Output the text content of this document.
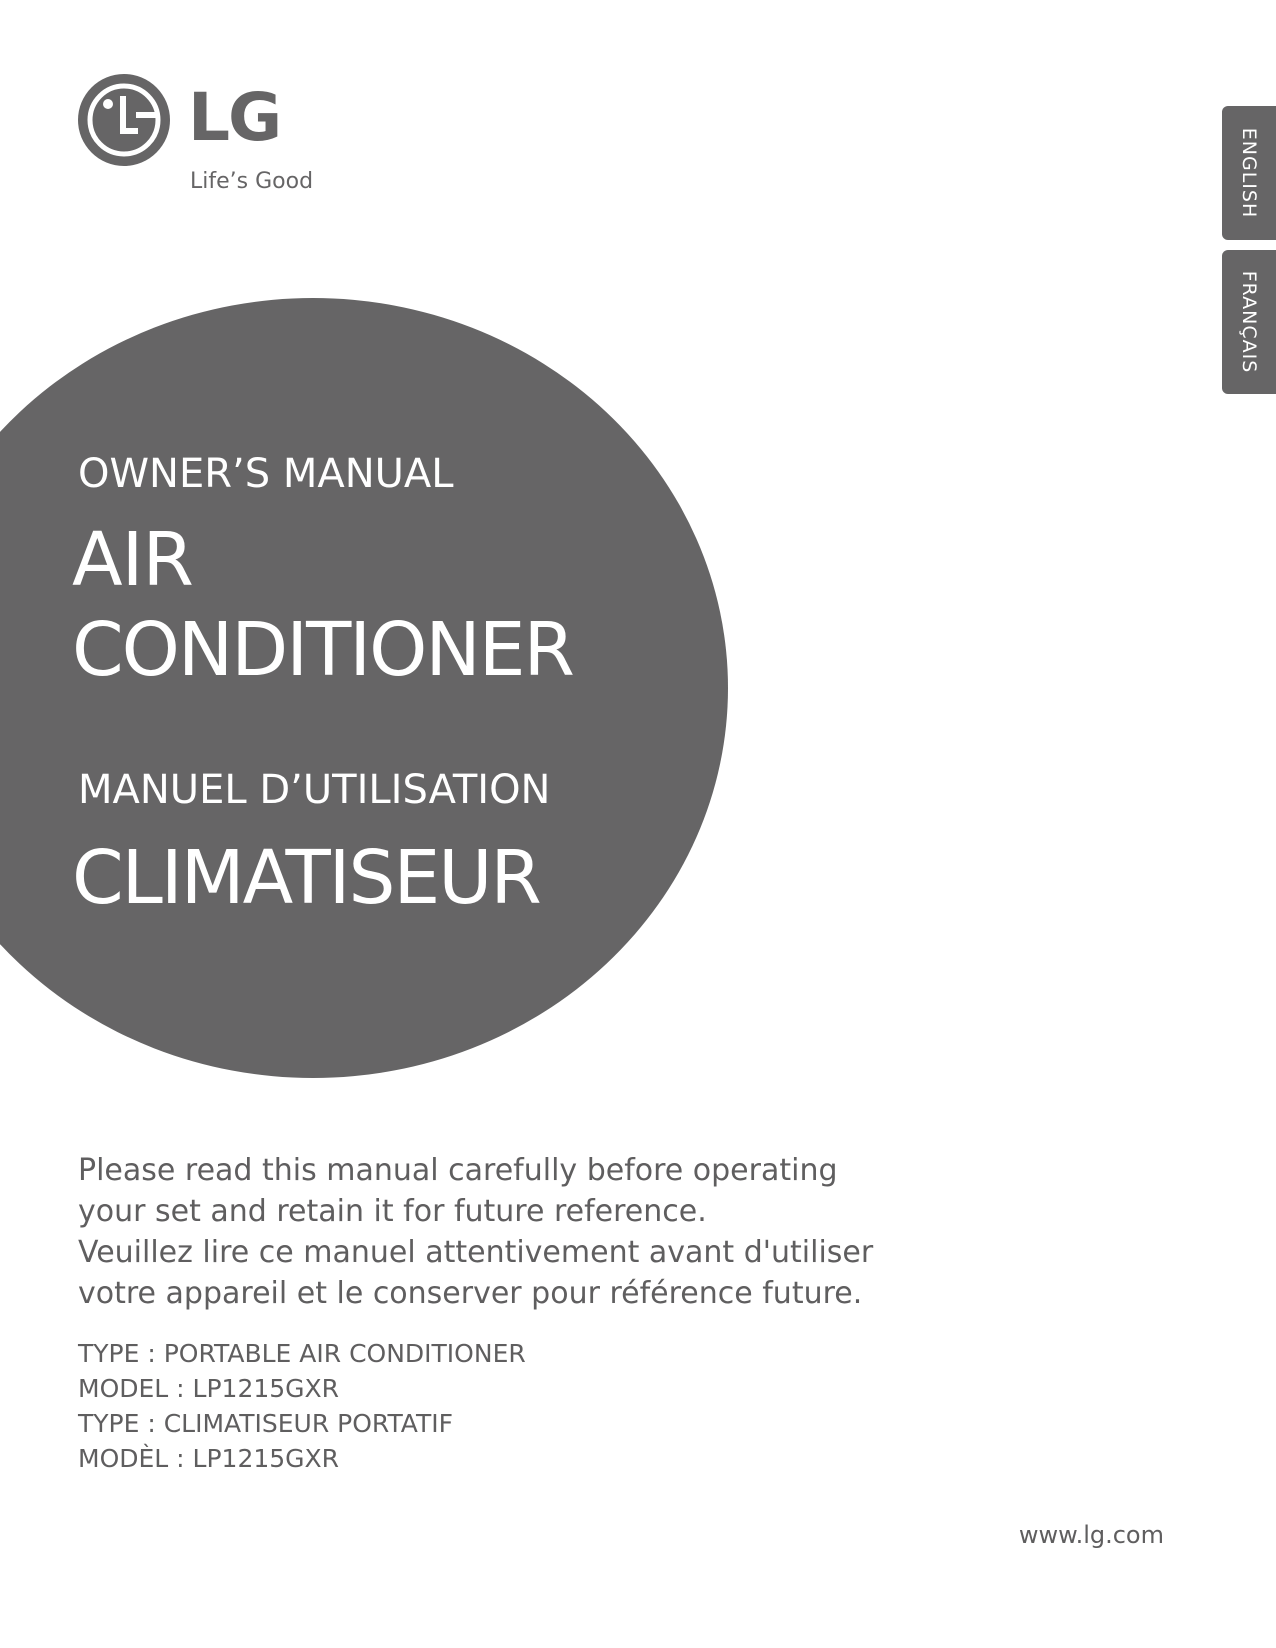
LG
Life’s Good	ENGLISH
FRANÇAIS
OWNER’S MANUAL
AIR
CONDITIONER
MANUEL D’UTILISATION
CLIMATISEUR
Please read this manual carefully before operating
your set and retain it for future reference.
Veuillez lire ce manuel attentivement avant d'utiliser
votre appareil et le conserver pour référence future.
TYPE : PORTABLE AIR CONDITIONER
MODEL : LP1215GXR
TYPE : CLIMATISEUR PORTATIF
MODÈL : LP1215GXR
www.lg.com
